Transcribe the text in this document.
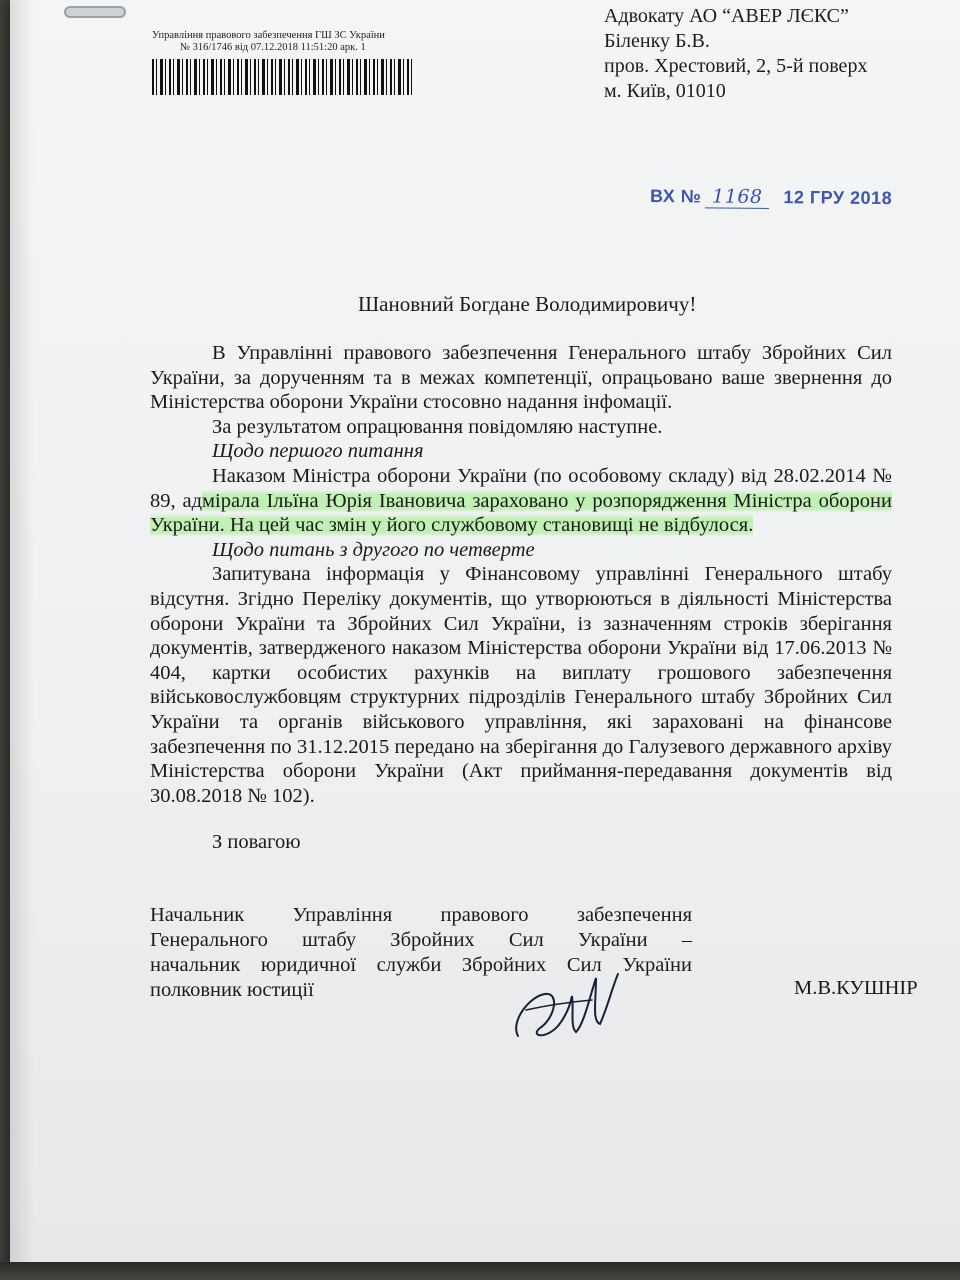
Управління правового забезпечення ГШ ЗС України
№ 316/1746 від 07.12.2018 11:51:20 арк. 1
Адвокату АО “АВЕР ЛЄКС”
Біленку Б.В.
пров. Хрестовий, 2, 5-й поверх
м. Київ, 01010
ВХ № 1168 12 ГРУ 2018
Шановний Богдане Володимировичу!

В Управлінні правового забезпечення Генерального штабу Збройних Сил України, за дорученням та в межах компетенції, опрацьовано ваше звернення до Міністерства оборони України стосовно надання інфомації.

За результатом опрацювання повідомляю наступне.

Щодо першого питання

Наказом Міністра оборони України (по особовому складу) від 28.02.2014 № 89, адмірала Ільїна Юрія Івановича зараховано у розпорядження Міністра оборони України. На цей час змін у його службовому становищі не відбулося.

Щодо питань з другого по четверте

Запитувана інформація у Фінансовому управлінні Генерального штабу відсутня. Згідно Переліку документів, що утворюються в діяльності Міністерства оборони України та Збройних Сил України, із зазначенням строків зберігання документів, затвердженого наказом Міністерства оборони України від 17.06.2013 № 404, картки особистих рахунків на виплату грошового забезпечення військовослужбовцям структурних підрозділів Генерального штабу Збройних Сил України та органів військового управління, які зараховані на фінансове забезпечення по 31.12.2015 передано на зберігання до Галузевого державного архіву Міністерства оборони України (Акт приймання-передавання документів від 30.08.2018 № 102).

З повагою
Начальник Управління правового забезпечення
Генерального штабу Збройних Сил України –
начальник юридичної служби Збройних Сил України
полковник юстиції	М.В.КУШНІР
